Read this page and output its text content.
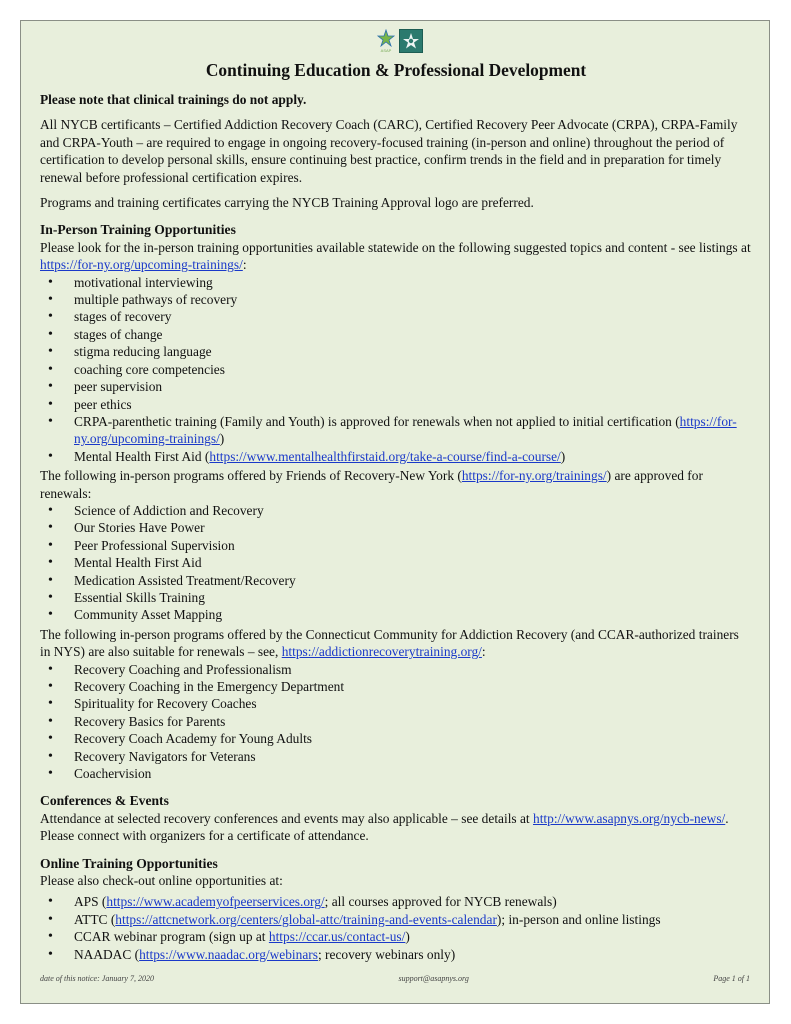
ASAP
Continuing Education & Professional Development

Please note that clinical trainings do not apply.

All NYCB certificants – Certified Addiction Recovery Coach (CARC), Certified Recovery Peer Advocate (CRPA), CRPA-Family and CRPA-Youth – are required to engage in ongoing recovery-focused training (in-person and online) throughout the period of certification to develop personal skills, ensure continuing best practice, confirm trends in the field and in preparation for timely renewal before professional certification expires.

Programs and training certificates carrying the NYCB Training Approval logo are preferred.

In-Person Training Opportunities
Please look for the in-person training opportunities available statewide on the following suggested topics and content - see listings at https://for-ny.org/upcoming-trainings/:
• motivational interviewing
• multiple pathways of recovery
• stages of recovery
• stages of change
• stigma reducing language
• coaching core competencies
• peer supervision
• peer ethics
• CRPA-parenthetic training (Family and Youth) is approved for renewals when not applied to initial certification (https://for-ny.org/upcoming-trainings/)
• Mental Health First Aid (https://www.mentalhealthfirstaid.org/take-a-course/find-a-course/)
The following in-person programs offered by Friends of Recovery-New York (https://for-ny.org/trainings/) are approved for renewals:
• Science of Addiction and Recovery
• Our Stories Have Power
• Peer Professional Supervision
• Mental Health First Aid
• Medication Assisted Treatment/Recovery
• Essential Skills Training
• Community Asset Mapping
The following in-person programs offered by the Connecticut Community for Addiction Recovery (and CCAR-authorized trainers in NYS) are also suitable for renewals – see, https://addictionrecoverytraining.org/:
• Recovery Coaching and Professionalism
• Recovery Coaching in the Emergency Department
• Spirituality for Recovery Coaches
• Recovery Basics for Parents
• Recovery Coach Academy for Young Adults
• Recovery Navigators for Veterans
• Coachervision
Conferences & Events
Attendance at selected recovery conferences and events may also applicable – see details at http://www.asapnys.org/nycb-news/. Please connect with organizers for a certificate of attendance.
Online Training Opportunities
Please also check-out online opportunities at:
• APS (https://www.academyofpeerservices.org/; all courses approved for NYCB renewals)
• ATTC (https://attcnetwork.org/centers/global-attc/training-and-events-calendar); in-person and online listings
• CCAR webinar program (sign up at https://ccar.us/contact-us/)
• NAADAC (https://www.naadac.org/webinars; recovery webinars only)
date of this notice: January 7, 2020	support@asapnys.org	Page 1 of 1
